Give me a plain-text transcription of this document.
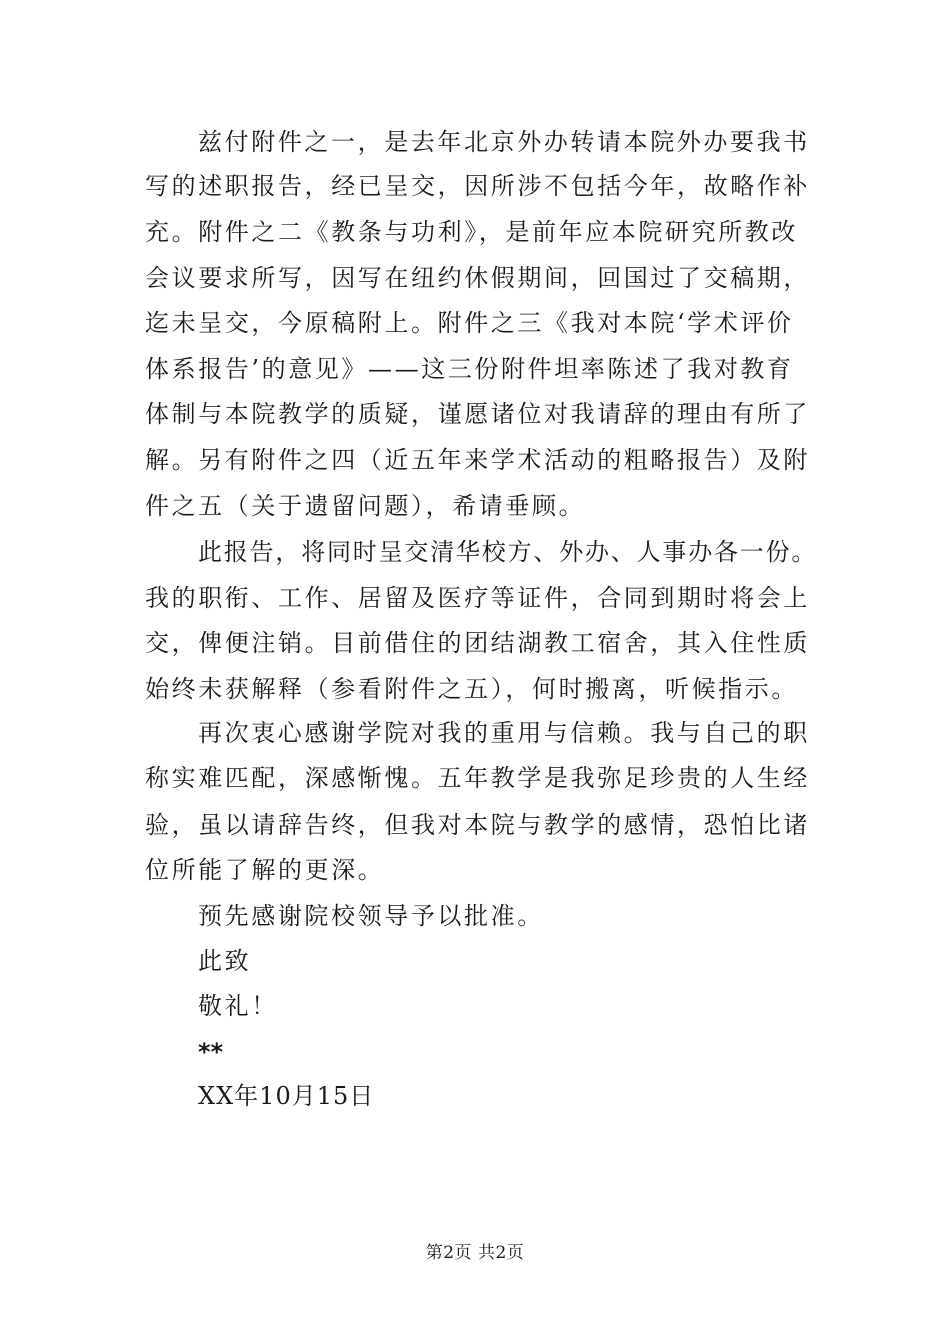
兹付附件之一，是去年北京外办转请本院外办要我书
写的述职报告，经已呈交，因所涉不包括今年，故略作补
充。附件之二《教条与功利》，是前年应本院研究所教改
会议要求所写，因写在纽约休假期间，回国过了交稿期，
迄未呈交，今原稿附上。附件之三《我对本院‘学术评价
体系报告’的意见》——这三份附件坦率陈述了我对教育
体制与本院教学的质疑，谨愿诸位对我请辞的理由有所了
解。另有附件之四（近五年来学术活动的粗略报告）及附
件之五（关于遗留问题），希请垂顾。
此报告，将同时呈交清华校方、外办、人事办各一份。
我的职衔、工作、居留及医疗等证件，合同到期时将会上
交，俾便注销。目前借住的团结湖教工宿舍，其入住性质
始终未获解释（参看附件之五），何时搬离，听候指示。
再次衷心感谢学院对我的重用与信赖。我与自己的职
称实难匹配，深感惭愧。五年教学是我弥足珍贵的人生经
验，虽以请辞告终，但我对本院与教学的感情，恐怕比诸
位所能了解的更深。
预先感谢院校领导予以批准。
此致
敬礼！
**
XX年10月15日
第2页 共2页
